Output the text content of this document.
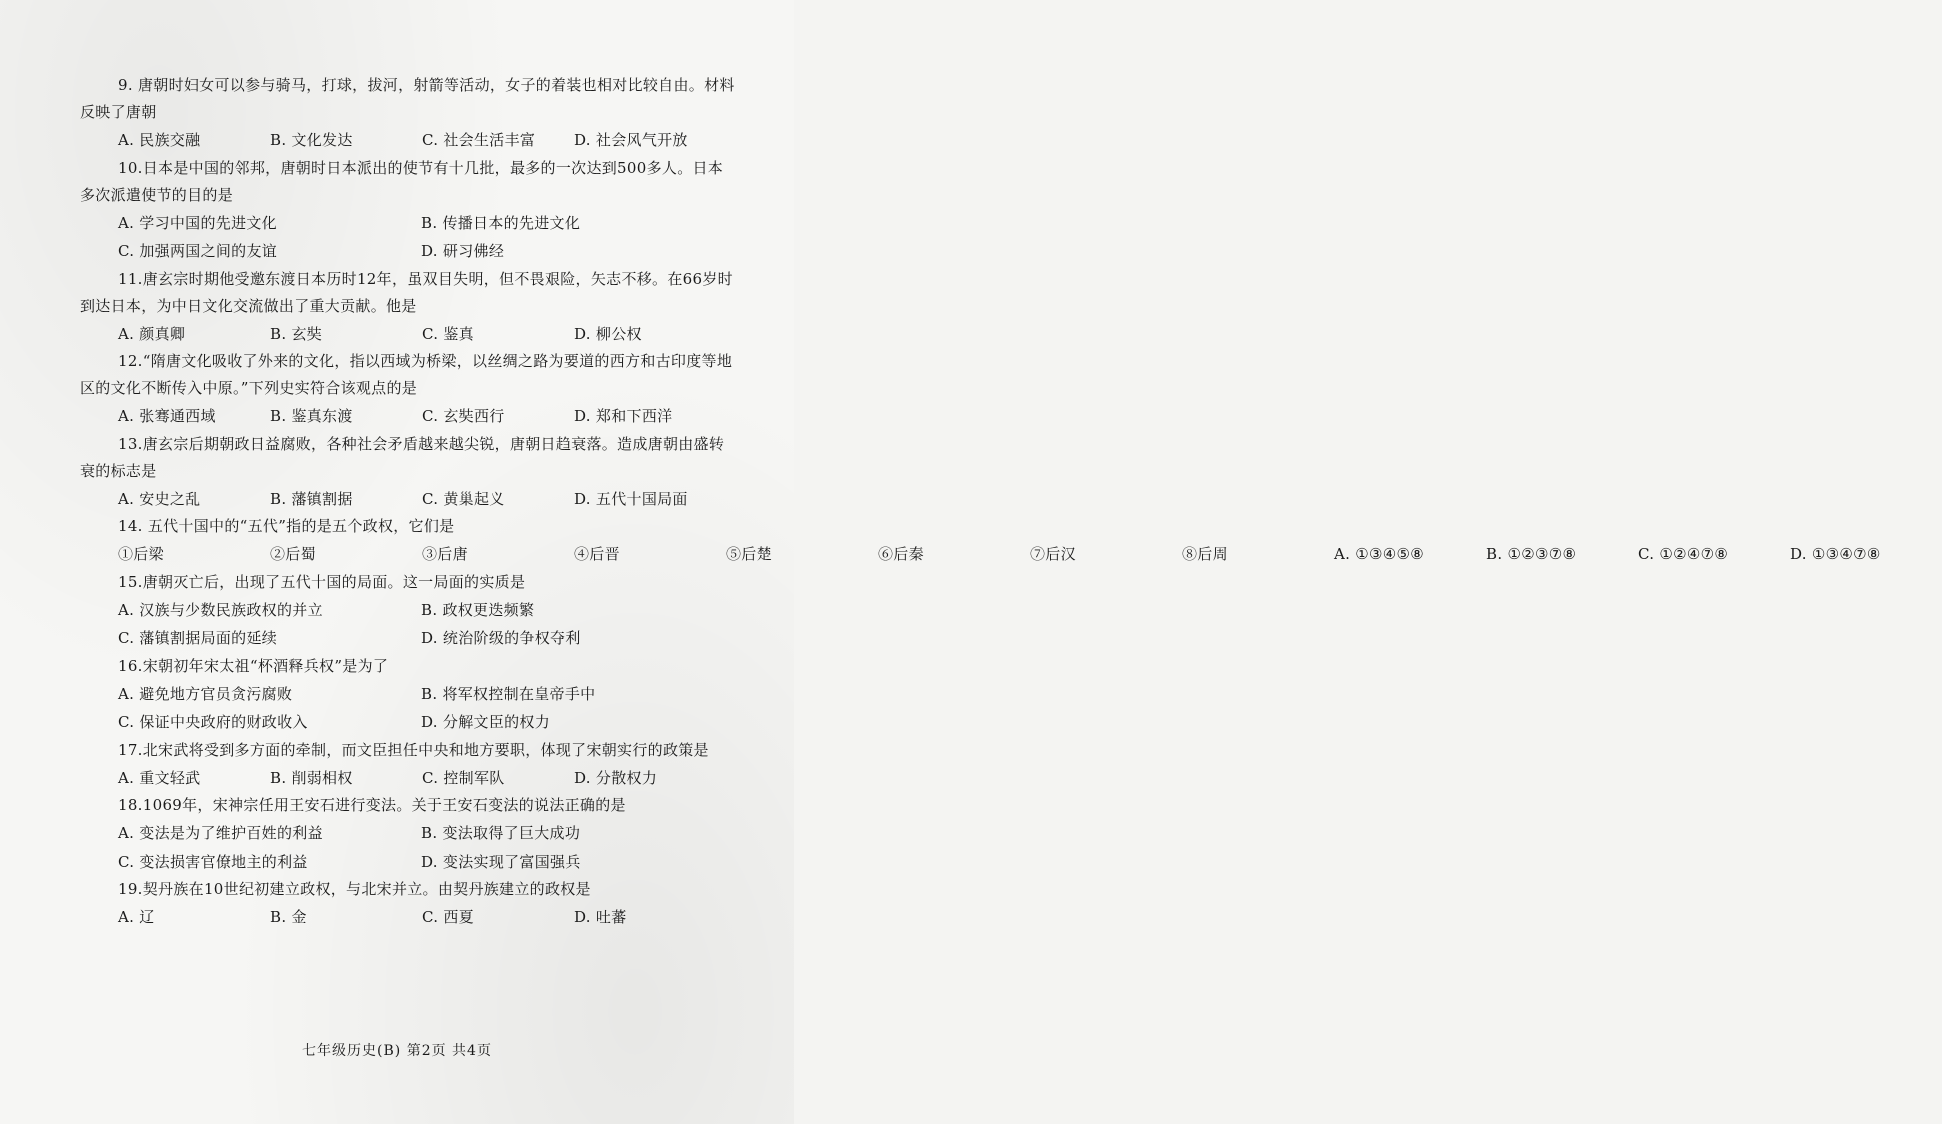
9. 唐朝时妇女可以参与骑马，打球，拔河，射箭等活动，女子的着装也相对比较自由。材料反映了唐朝
A. 民族交融	B. 文化发达	C. 社会生活丰富	D. 社会风气开放
10.日本是中国的邻邦，唐朝时日本派出的使节有十几批，最多的一次达到500多人。日本多次派遣使节的目的是
A. 学习中国的先进文化	B. 传播日本的先进文化
C. 加强两国之间的友谊	D. 研习佛经
11.唐玄宗时期他受邀东渡日本历时12年，虽双目失明，但不畏艰险，矢志不移。在66岁时到达日本，为中日文化交流做出了重大贡献。他是
A. 颜真卿	B. 玄奘	C. 鉴真	D. 柳公权
12.“隋唐文化吸收了外来的文化，指以西域为桥梁，以丝绸之路为要道的西方和古印度等地区的文化不断传入中原。”下列史实符合该观点的是
A. 张骞通西域	B. 鉴真东渡	C. 玄奘西行	D. 郑和下西洋
13.唐玄宗后期朝政日益腐败，各种社会矛盾越来越尖锐，唐朝日趋衰落。造成唐朝由盛转衰的标志是
A. 安史之乱	B. 藩镇割据	C. 黄巢起义	D. 五代十国局面
14. 五代十国中的“五代”指的是五个政权，它们是
①后梁	②后蜀	③后唐	④后晋	⑤后楚	⑥后秦	⑦后汉	⑧后周	A. ①③④⑤⑧	B. ①②③⑦⑧	C. ①②④⑦⑧	D. ①③④⑦⑧
15.唐朝灭亡后，出现了五代十国的局面。这一局面的实质是
A. 汉族与少数民族政权的并立	B. 政权更迭频繁
C. 藩镇割据局面的延续	D. 统治阶级的争权夺利
16.宋朝初年宋太祖“杯酒释兵权”是为了
A. 避免地方官员贪污腐败	B. 将军权控制在皇帝手中
C. 保证中央政府的财政收入	D. 分解文臣的权力
17.北宋武将受到多方面的牵制，而文臣担任中央和地方要职，体现了宋朝实行的政策是
A. 重文轻武	B. 削弱相权	C. 控制军队	D. 分散权力
18.1069年，宋神宗任用王安石进行变法。关于王安石变法的说法正确的是
A. 变法是为了维护百姓的利益	B. 变法取得了巨大成功
C. 变法损害官僚地主的利益	D. 变法实现了富国强兵
19.契丹族在10世纪初建立政权，与北宋并立。由契丹族建立的政权是
A. 辽	B. 金	C. 西夏	D. 吐蕃
七年级历史(B) 第2页 共4页
